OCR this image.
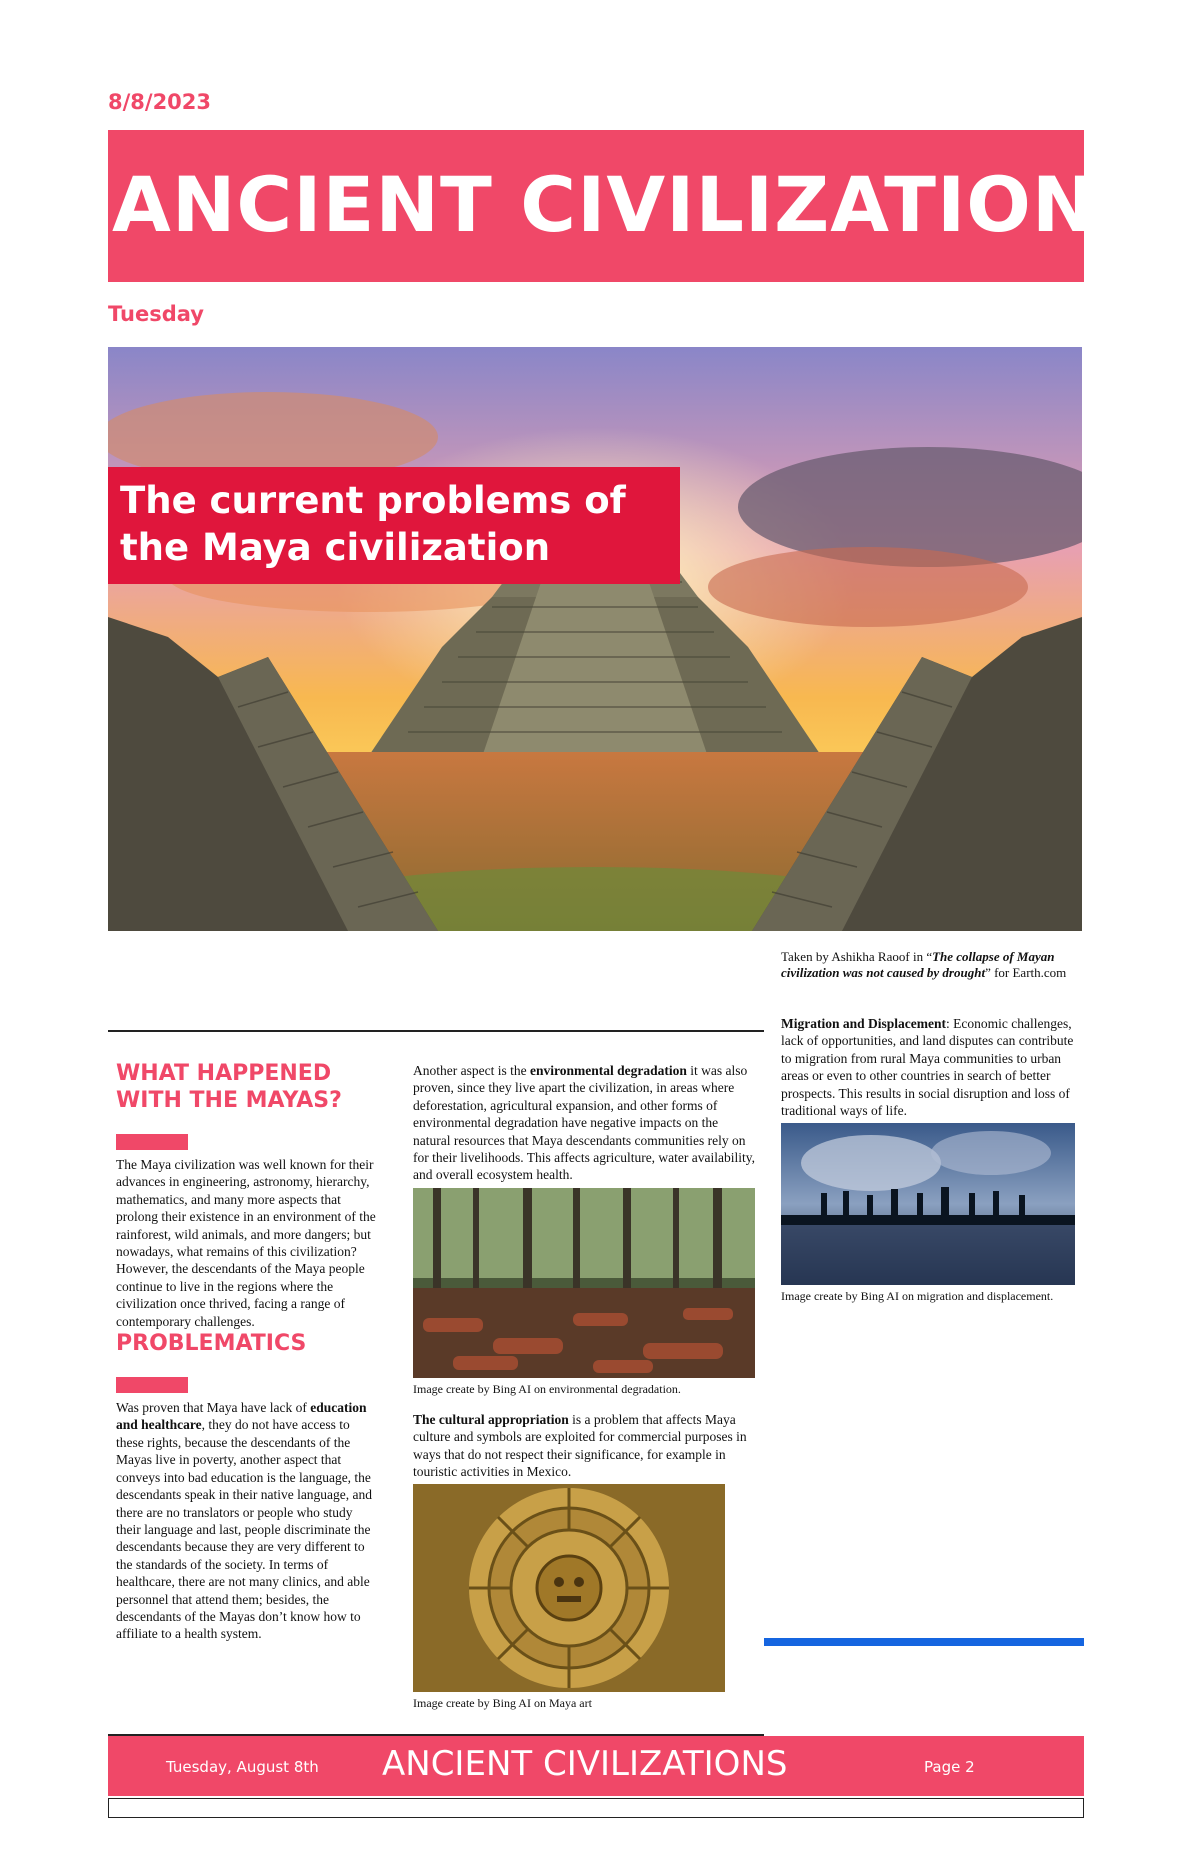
8/8/2023
ANCIENT CIVILIZATIONS
Tuesday
The current problems of the Maya civilization
Taken by Ashikha Raoof in “The collapse of Mayan civilization was not caused by drought” for Earth.com
WHAT HAPPENED WITH THE MAYAS?

The Maya civilization was well known for their advances in engineering, astronomy, hierarchy, mathematics, and many more aspects that prolong their existence in an environment of the rainforest, wild animals, and more dangers; but nowadays, what remains of this civilization?

However, the descendants of the Maya people continue to live in the regions where the civilization once thrived, facing a range of contemporary challenges.

PROBLEMATICS

Was proven that Maya have lack of education and healthcare, they do not have access to these rights, because the descendants of the Mayas live in poverty, another aspect that conveys into bad education is the language, the descendants speak in their native language, and there are no translators or people who study their language and last, people discriminate the descendants because they are very different to the standards of the society. In terms of healthcare, there are not many clinics, and able personnel that attend them; besides, the descendants of the Mayas don’t know how to affiliate to a health system.

Another aspect is the environmental degradation it was also proven, since they live apart the civilization, in areas where deforestation, agricultural expansion, and other forms of environmental degradation have negative impacts on the natural resources that Maya descendants communities rely on for their livelihoods. This affects agriculture, water availability, and overall ecosystem health.

Image create by Bing AI on environmental degradation.

The cultural appropriation is a problem that affects Maya culture and symbols are exploited for commercial purposes in ways that do not respect their significance, for example in touristic activities in Mexico.

Image create by Bing AI on Maya art

Migration and Displacement: Economic challenges, lack of opportunities, and land disputes can contribute to migration from rural Maya communities to urban areas or even to other countries in search of better prospects. This results in social disruption and loss of traditional ways of life.

Image create by Bing AI on migration and displacement.

Tuesday, August 8th ANCIENT CIVILIZATIONS	Page 2
